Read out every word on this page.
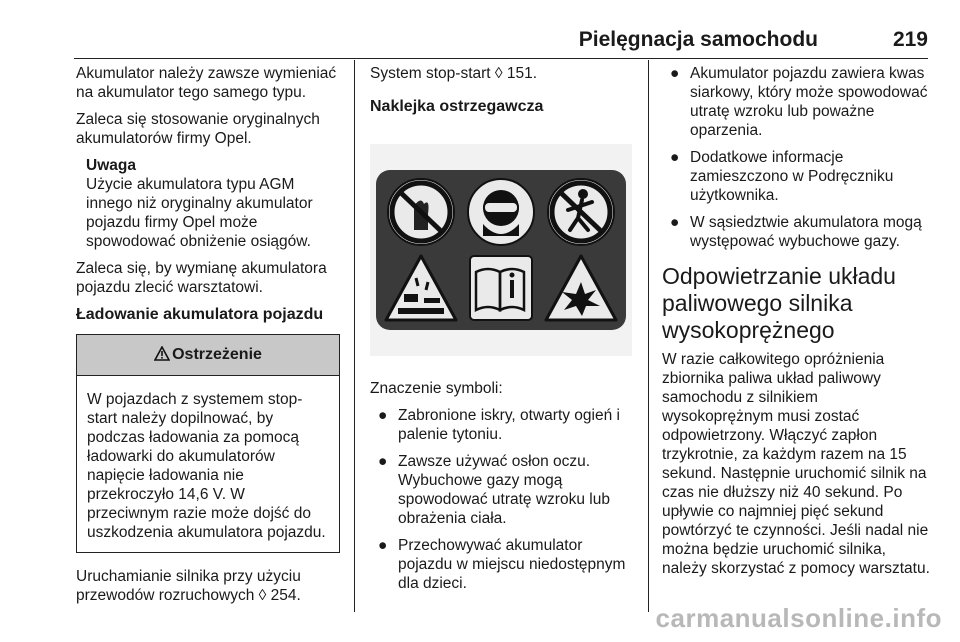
Pielęgnacja samochodu	219

Akumulator należy zawsze wymieniać na akumulator tego samego typu.

Zaleca się stosowanie oryginalnych akumulatorów firmy Opel.

Uwaga
Użycie akumulatora typu AGM innego niż oryginalny akumulator pojazdu firmy Opel może spowodować obniżenie osiągów.

Zaleca się, by wymianę akumulatora pojazdu zlecić warsztatowi.

Ładowanie akumulatora pojazdu
Ostrzeżenie
W pojazdach z systemem stop-start należy dopilnować, by podczas ładowania za pomocą ładowarki do akumulatorów napięcie ładowania nie przekroczyło 14,6 V. W przeciwnym razie może dojść do uszkodzenia akumulatora pojazdu.

Uruchamianie silnika przy użyciu przewodów rozruchowych ◊ 254.

System stop-start ◊ 151.

Naklejka ostrzegawcza

Znaczenie symboli:

● Zabronione iskry, otwarty ogień i palenie tytoniu.
● Zawsze używać osłon oczu. Wybuchowe gazy mogą spowodować utratę wzroku lub obrażenia ciała.
● Przechowywać akumulator pojazdu w miejscu niedostępnym dla dzieci.
● Akumulator pojazdu zawiera kwas siarkowy, który może spowodować utratę wzroku lub poważne oparzenia.
● Dodatkowe informacje zamieszczono w Podręczniku użytkownika.
● W sąsiedztwie akumulatora mogą występować wybuchowe gazy.
Odpowietrzanie układu paliwowego silnika wysokoprężnego

W razie całkowitego opróżnienia zbiornika paliwa układ paliwowy samochodu z silnikiem wysokoprężnym musi zostać odpowietrzony. Włączyć zapłon trzykrotnie, za każdym razem na 15 sekund. Następnie uruchomić silnik na czas nie dłuższy niż 40 sekund. Po upływie co najmniej pięć sekund powtórzyć te czynności. Jeśli nadal nie można będzie uruchomić silnika, należy skorzystać z pomocy warsztatu.

carmanualsonline.info
